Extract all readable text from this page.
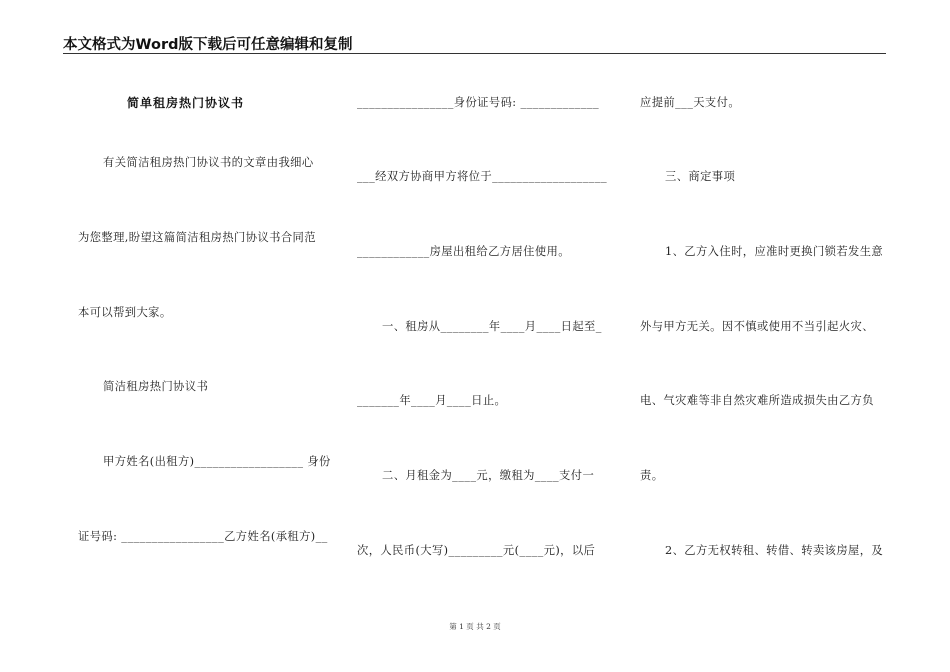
本文格式为Word版下载后可任意编辑和复制
简单租房热门协议书
有关简洁租房热门协议书的文章由我细心
为您整理,盼望这篇简洁租房热门协议书合同范
本可以帮到大家。
简洁租房热门协议书
甲方姓名(出租方)__________________ 身份
证号码: _________________乙方姓名(承租方)__
________________身份证号码: _____________
___经双方协商甲方将位于___________________
____________房屋出租给乙方居住使用。
一、租房从________年____月____日起至_
_______年____月____日止。
二、月租金为____元，缴租为____支付一
次，人民币(大写)_________元(____元)，以后
应提前___天支付。
三、商定事项
1、乙方入住时，应准时更换门锁若发生意
外与甲方无关。因不慎或使用不当引起火灾、
电、气灾难等非自然灾难所造成损失由乙方负
责。
2、乙方无权转租、转借、转卖该房屋，及
第 1 页 共 2 页
